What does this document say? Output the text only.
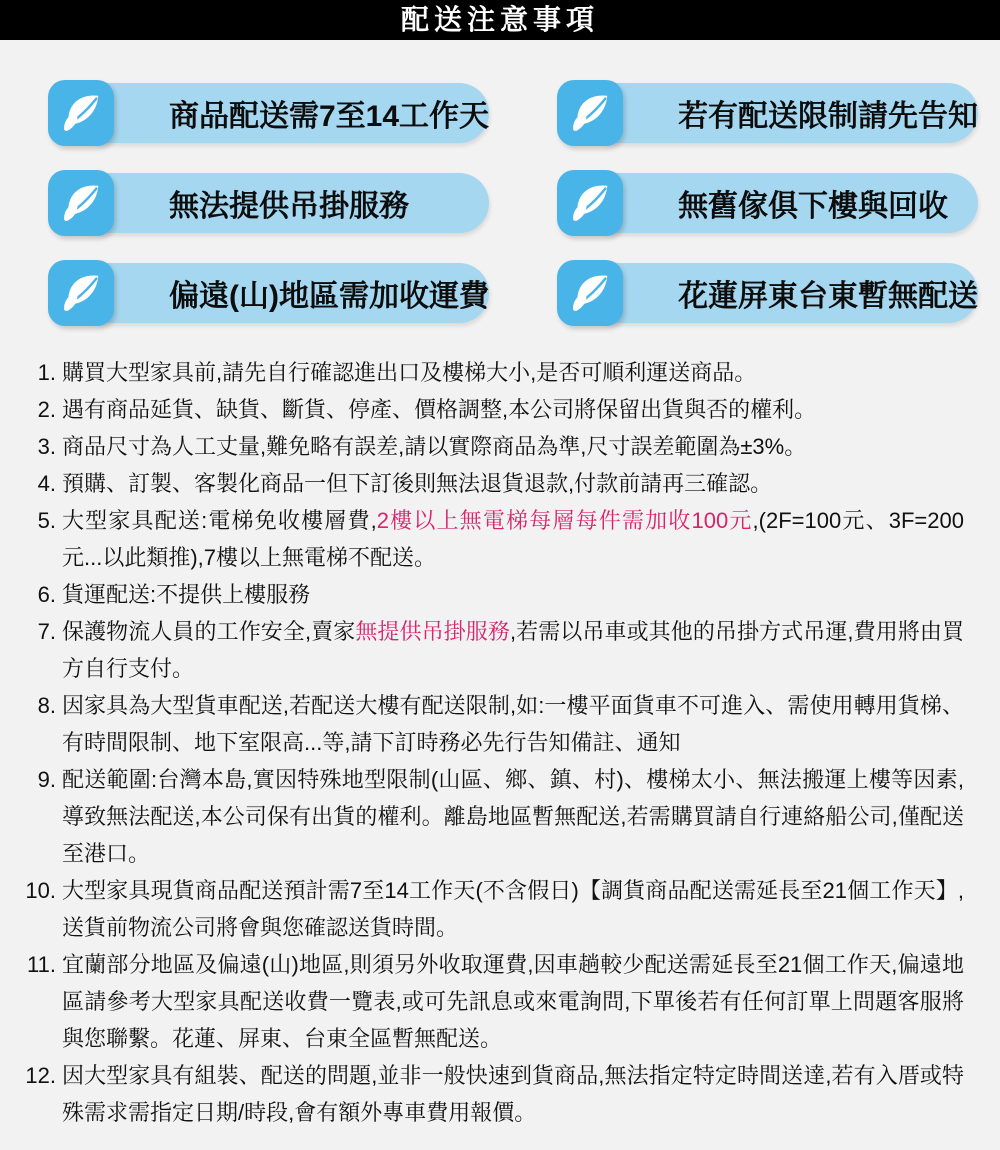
配送注意事項
商品配送需7至14工作天	若有配送限制請先告知
無法提供吊掛服務	無舊傢俱下樓與回收
偏遠(山)地區需加收運費	花蓮屏東台東暫無配送
1. 購買大型家具前,請先自行確認進出口及樓梯大小,是否可順利運送商品。
2. 遇有商品延貨、缺貨、斷貨、停產、價格調整,本公司將保留出貨與否的權利。
3. 商品尺寸為人工丈量,難免略有誤差,請以實際商品為準,尺寸誤差範圍為±3%。
4. 預購、訂製、客製化商品一但下訂後則無法退貨退款,付款前請再三確認。
5. 大型家具配送:電梯免收樓層費,2樓以上無電梯每層每件需加收100元,(2F=100元、3F=200元...以此類推),7樓以上無電梯不配送。
6. 貨運配送:不提供上樓服務
7. 保護物流人員的工作安全,賣家無提供吊掛服務,若需以吊車或其他的吊掛方式吊運,費用將由買方自行支付。
8. 因家具為大型貨車配送,若配送大樓有配送限制,如:一樓平面貨車不可進入、需使用轉用貨梯、有時間限制、地下室限高...等,請下訂時務必先行告知備註、通知
9. 配送範圍:台灣本島,實因特殊地型限制(山區、鄉、鎮、村)、樓梯太小、無法搬運上樓等因素,導致無法配送,本公司保有出貨的權利。離島地區暫無配送,若需購買請自行連絡船公司,僅配送至港口。
10. 大型家具現貨商品配送預計需7至14工作天(不含假日)【調貨商品配送需延長至21個工作天】,送貨前物流公司將會與您確認送貨時間。
11. 宜蘭部分地區及偏遠(山)地區,則須另外收取運費,因車趟較少配送需延長至21個工作天,偏遠地區請參考大型家具配送收費一覽表,或可先訊息或來電詢問,下單後若有任何訂單上問題客服將與您聯繫。花蓮、屏東、台東全區暫無配送。
12. 因大型家具有組裝、配送的問題,並非一般快速到貨商品,無法指定特定時間送達,若有入厝或特殊需求需指定日期/時段,會有額外專車費用報價。
